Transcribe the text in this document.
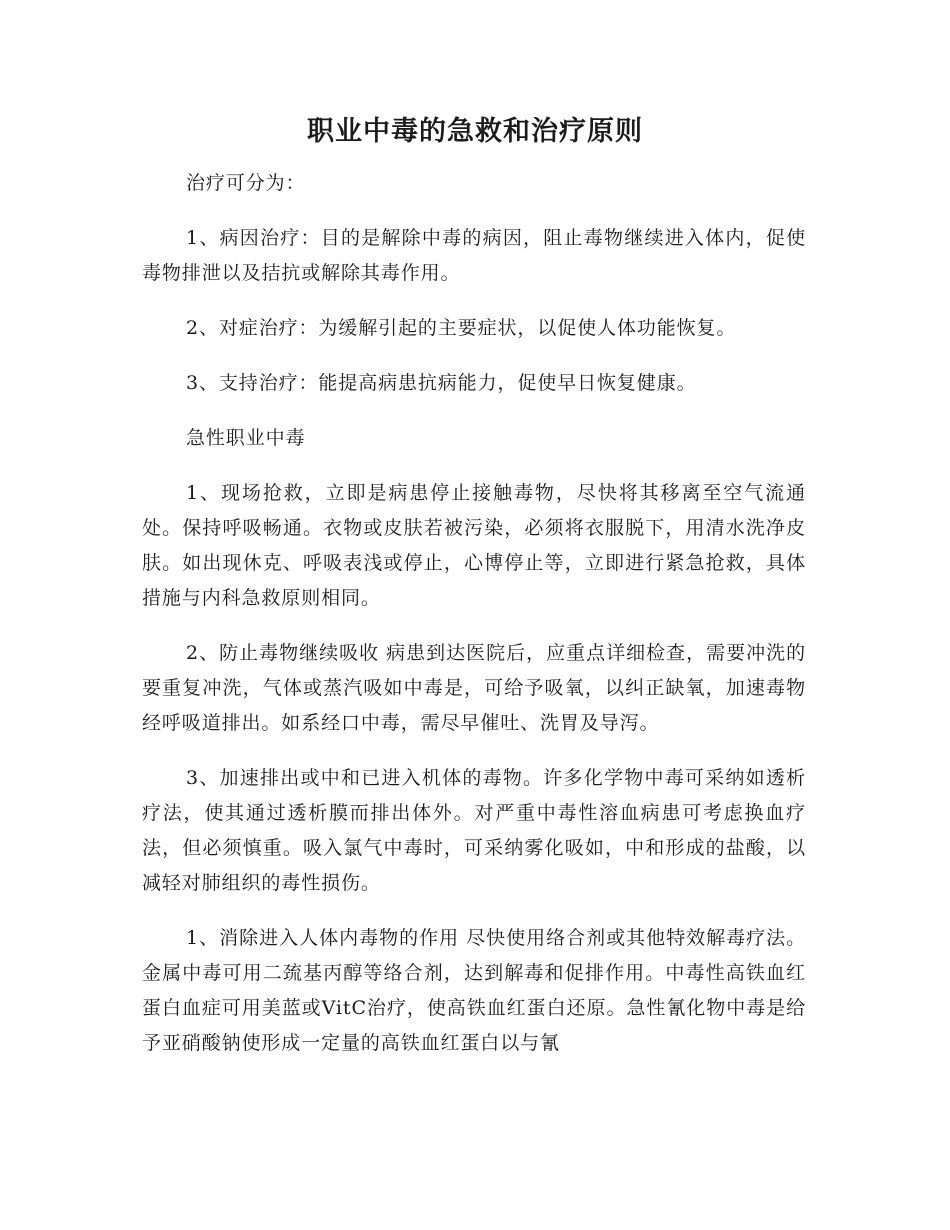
职业中毒的急救和治疗原则

治疗可分为：

1、病因治疗：目的是解除中毒的病因，阻止毒物继续进入体内，促使毒物排泄以及拮抗或解除其毒作用。

2、对症治疗：为缓解引起的主要症状，以促使人体功能恢复。

3、支持治疗：能提高病患抗病能力，促使早日恢复健康。

急性职业中毒

1、现场抢救，立即是病患停止接触毒物，尽快将其移离至空气流通处。保持呼吸畅通。衣物或皮肤若被污染，必须将衣服脱下，用清水洗净皮肤。如出现休克、呼吸表浅或停止，心博停止等，立即进行紧急抢救，具体措施与内科急救原则相同。

2、防止毒物继续吸收 病患到达医院后，应重点详细检查，需要冲洗的要重复冲洗，气体或蒸汽吸如中毒是，可给予吸氧，以纠正缺氧，加速毒物经呼吸道排出。如系经口中毒，需尽早催吐、洗胃及导泻。

3、加速排出或中和已进入机体的毒物。许多化学物中毒可采纳如透析疗法，使其通过透析膜而排出体外。对严重中毒性溶血病患可考虑换血疗法，但必须慎重。吸入氯气中毒时，可采纳雾化吸如，中和形成的盐酸，以减轻对肺组织的毒性损伤。

1、消除进入人体内毒物的作用 尽快使用络合剂或其他特效解毒疗法。金属中毒可用二巯基丙醇等络合剂，达到解毒和促排作用。中毒性高铁血红蛋白血症可用美蓝或VitC治疗，使高铁血红蛋白还原。急性氰化物中毒是给予亚硝酸钠使形成一定量的高铁血红蛋白以与氰
